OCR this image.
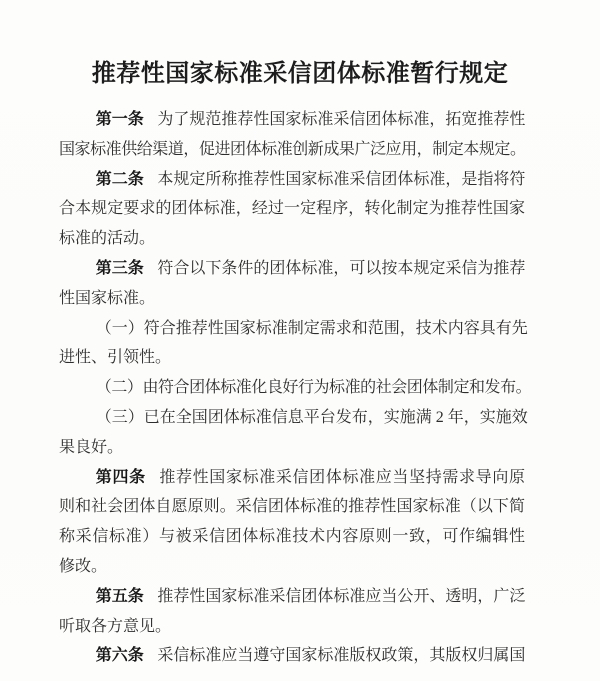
推荐性国家标准采信团体标准暂行规定
第一条 为了规范推荐性国家标准采信团体标准，拓宽推荐性
国家标准供给渠道，促进团体标准创新成果广泛应用，制定本规定。
第二条 本规定所称推荐性国家标准采信团体标准，是指将符
合本规定要求的团体标准，经过一定程序，转化制定为推荐性国家
标准的活动。
第三条 符合以下条件的团体标准，可以按本规定采信为推荐
性国家标准。
（一）符合推荐性国家标准制定需求和范围，技术内容具有先
进性、引领性。
（二）由符合团体标准化良好行为标准的社会团体制定和发布。
（三）已在全国团体标准信息平台发布，实施满 2 年，实施效
果良好。
第四条 推荐性国家标准采信团体标准应当坚持需求导向原
则和社会团体自愿原则。采信团体标准的推荐性国家标准（以下简
称采信标准）与被采信团体标准技术内容原则一致，可作编辑性
修改。
第五条 推荐性国家标准采信团体标准应当公开、透明，广泛
听取各方意见。
第六条 采信标准应当遵守国家标准版权政策，其版权归属国
